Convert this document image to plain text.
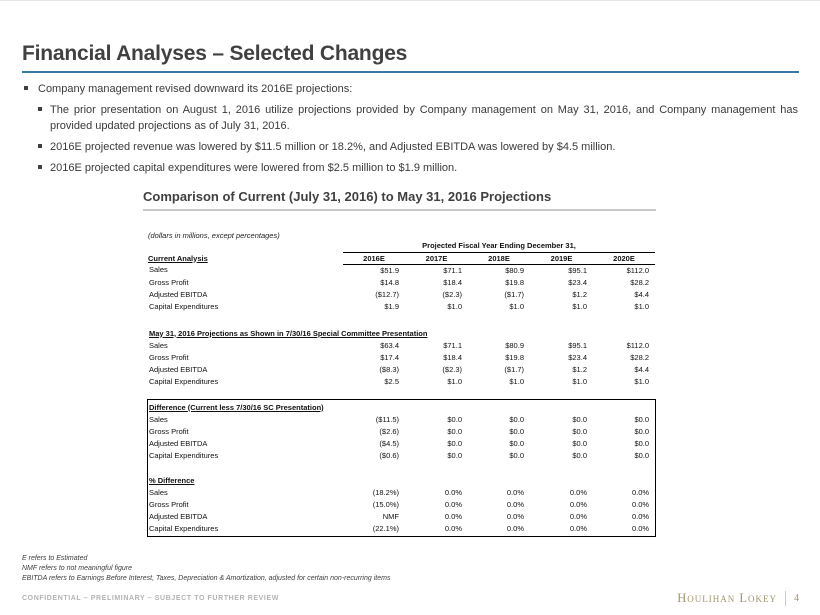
Financial Analyses – Selected Changes

Company management revised downward its 2016E projections:

The prior presentation on August 1, 2016 utilize projections provided by Company management on May 31, 2016, and Company management has provided updated projections as of July 31, 2016.

2016E projected revenue was lowered by $11.5 million or 18.2%, and Adjusted EBITDA was lowered by $4.5 million.

2016E projected capital expenditures were lowered from $2.5 million to $1.9 million.

Comparison of Current (July 31, 2016) to May 31, 2016 Projections
(dollars in millions, except percentages)
	Projected Fiscal Year Ending December 31,				
Current Analysis	2016E	2017E	2018E	2019E	2020E
Sales	$51.9	$71.1	$80.9	$95.1	$112.0
Gross Profit	$14.8	$18.4	$19.8	$23.4	$28.2
Adjusted EBITDA	($12.7)	($2.3)	($1.7)	$1.2	$4.4
Capital Expenditures	$1.9	$1.0	$1.0	$1.0	$1.0

May 31, 2016 Projections as Shown in 7/30/16 Special Committee Presentation					
Sales	$63.4	$71.1	$80.9	$95.1	$112.0
Gross Profit	$17.4	$18.4	$19.8	$23.4	$28.2
Adjusted EBITDA	($8.3)	($2.3)	($1.7)	$1.2	$4.4
Capital Expenditures	$2.5	$1.0	$1.0	$1.0	$1.0
Difference (Current less 7/30/16 SC Presentation)					
Sales	($11.5)	$0.0	$0.0	$0.0	$0.0
Gross Profit	($2.6)	$0.0	$0.0	$0.0	$0.0
Adjusted EBITDA	($4.5)	$0.0	$0.0	$0.0	$0.0
Capital Expenditures	($0.6)	$0.0	$0.0	$0.0	$0.0

% Difference					
Sales	(18.2%)	0.0%	0.0%	0.0%	0.0%
Gross Profit	(15.0%)	0.0%	0.0%	0.0%	0.0%
Adjusted EBITDA	NMF	0.0%	0.0%	0.0%	0.0%
Capital Expenditures	(22.1%)	0.0%	0.0%	0.0%	0.0%
E refers to Estimated
NMF refers to not meaningful figure
EBITDA refers to Earnings Before Interest, Taxes, Depreciation & Amortization, adjusted for certain non-recurring items
CONFIDENTIAL – PRELIMINARY – SUBJECT TO FURTHER REVIEW	Houlihan Lokey 4
